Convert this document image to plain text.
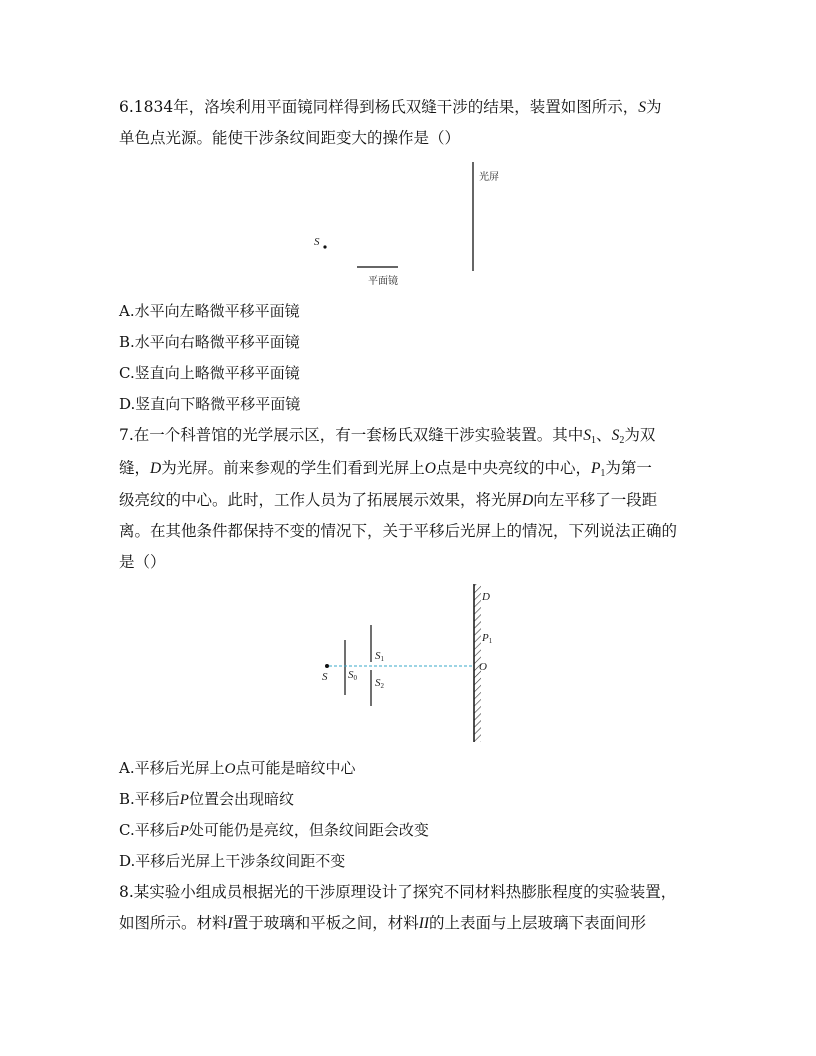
6.1834年，洛埃利用平面镜同样得到杨氏双缝干涉的结果，装置如图所示，S为
单色点光源。能使干涉条纹间距变大的操作是（）
光屏
S
平面镜
A.水平向左略微平移平面镜
B.水平向右略微平移平面镜
C.竖直向上略微平移平面镜
D.竖直向下略微平移平面镜
7.在一个科普馆的光学展示区，有一套杨氏双缝干涉实验装置。其中$S_1$、$S_2$为双
缝，D为光屏。前来参观的学生们看到光屏上O点是中央亮纹的中心，$P_1$为第一
级亮纹的中心。此时，工作人员为了拓展展示效果，将光屏D向左平移了一段距
离。在其他条件都保持不变的情况下，关于平移后光屏上的情况，下列说法正确的
是（）
S S0
S1
S2
D
P1
O
A.平移后光屏上O点可能是暗纹中心
B.平移后P位置会出现暗纹
C.平移后P处可能仍是亮纹，但条纹间距会改变
D.平移后光屏上干涉条纹间距不变
8.某实验小组成员根据光的干涉原理设计了探究不同材料热膨胀程度的实验装置，
如图所示。材料I置于玻璃和平板之间，材料II的上表面与上层玻璃下表面间形
